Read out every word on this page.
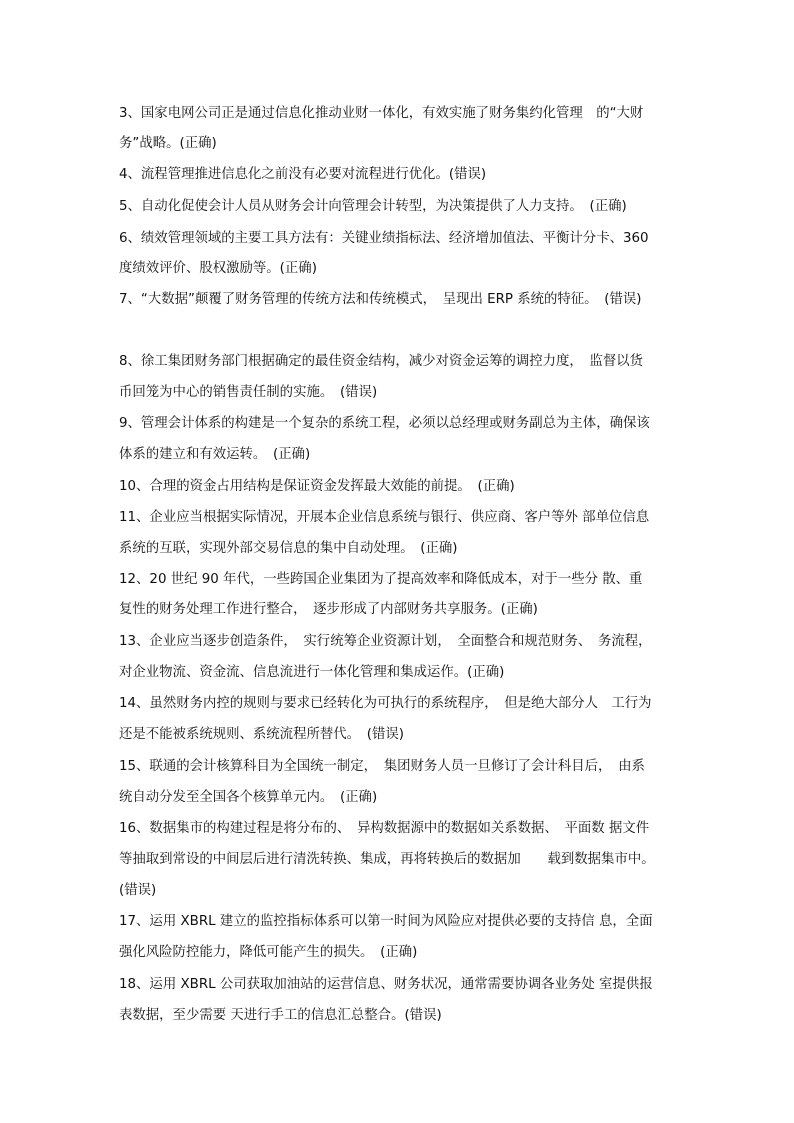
3、国家电网公司正是通过信息化推动业财一体化，有效实施了财务集约化管理　的“大财
务”战略。(正确)
4、流程管理推进信息化之前没有必要对流程进行优化。(错误)
5、自动化促使会计人员从财务会计向管理会计转型，为决策提供了人力支持。　(正确)
6、绩效管理领域的主要工具方法有：关键业绩指标法、经济增加值法、平衡计分卡、360
度绩效评价、股权激励等。(正确)
7、“大数据”颠覆了财务管理的传统方法和传统模式，　呈现出 ERP 系统的特征。　(错误)
8、徐工集团财务部门根据确定的最佳资金结构，减少对资金运筹的调控力度，　监督以货
币回笼为中心的销售责任制的实施。　(错误)
9、管理会计体系的构建是一个复杂的系统工程，必须以总经理或财务副总为主体，确保该
体系的建立和有效运转。　(正确)
10、合理的资金占用结构是保证资金发挥最大效能的前提。　(正确)
11、企业应当根据实际情况，开展本企业信息系统与银行、供应商、客户等外 部单位信息
系统的互联，实现外部交易信息的集中自动处理。　(正确)
12、20 世纪 90 年代，一些跨国企业集团为了提高效率和降低成本，对于一些分 散、重
复性的财务处理工作进行整合，　逐步形成了内部财务共享服务。(正确)
13、企业应当逐步创造条件，　实行统筹企业资源计划，　全面整合和规范财务、　务流程，
对企业物流、资金流、信息流进行一体化管理和集成运作。(正确)
14、虽然财务内控的规则与要求已经转化为可执行的系统程序，　但是绝大部分人　工行为
还是不能被系统规则、系统流程所替代。　(错误)
15、联通的会计核算科目为全国统一制定，　集团财务人员一旦修订了会计科目后，　由系
统自动分发至全国各个核算单元内。　(正确)
16、数据集市的构建过程是将分布的、　异构数据源中的数据如关系数据、　平面数 据文件
等抽取到常设的中间层后进行清洗转换、集成，再将转换后的数据加　　载到数据集市中。
(错误)
17、运用 XBRL 建立的监控指标体系可以第一时间为风险应对提供必要的支持信 息，全面
强化风险防控能力，降低可能产生的损失。　(正确)
18、运用 XBRL 公司获取加油站的运营信息、财务状况，通常需要协调各业务处 室提供报
表数据，至少需要 天进行手工的信息汇总整合。(错误)
